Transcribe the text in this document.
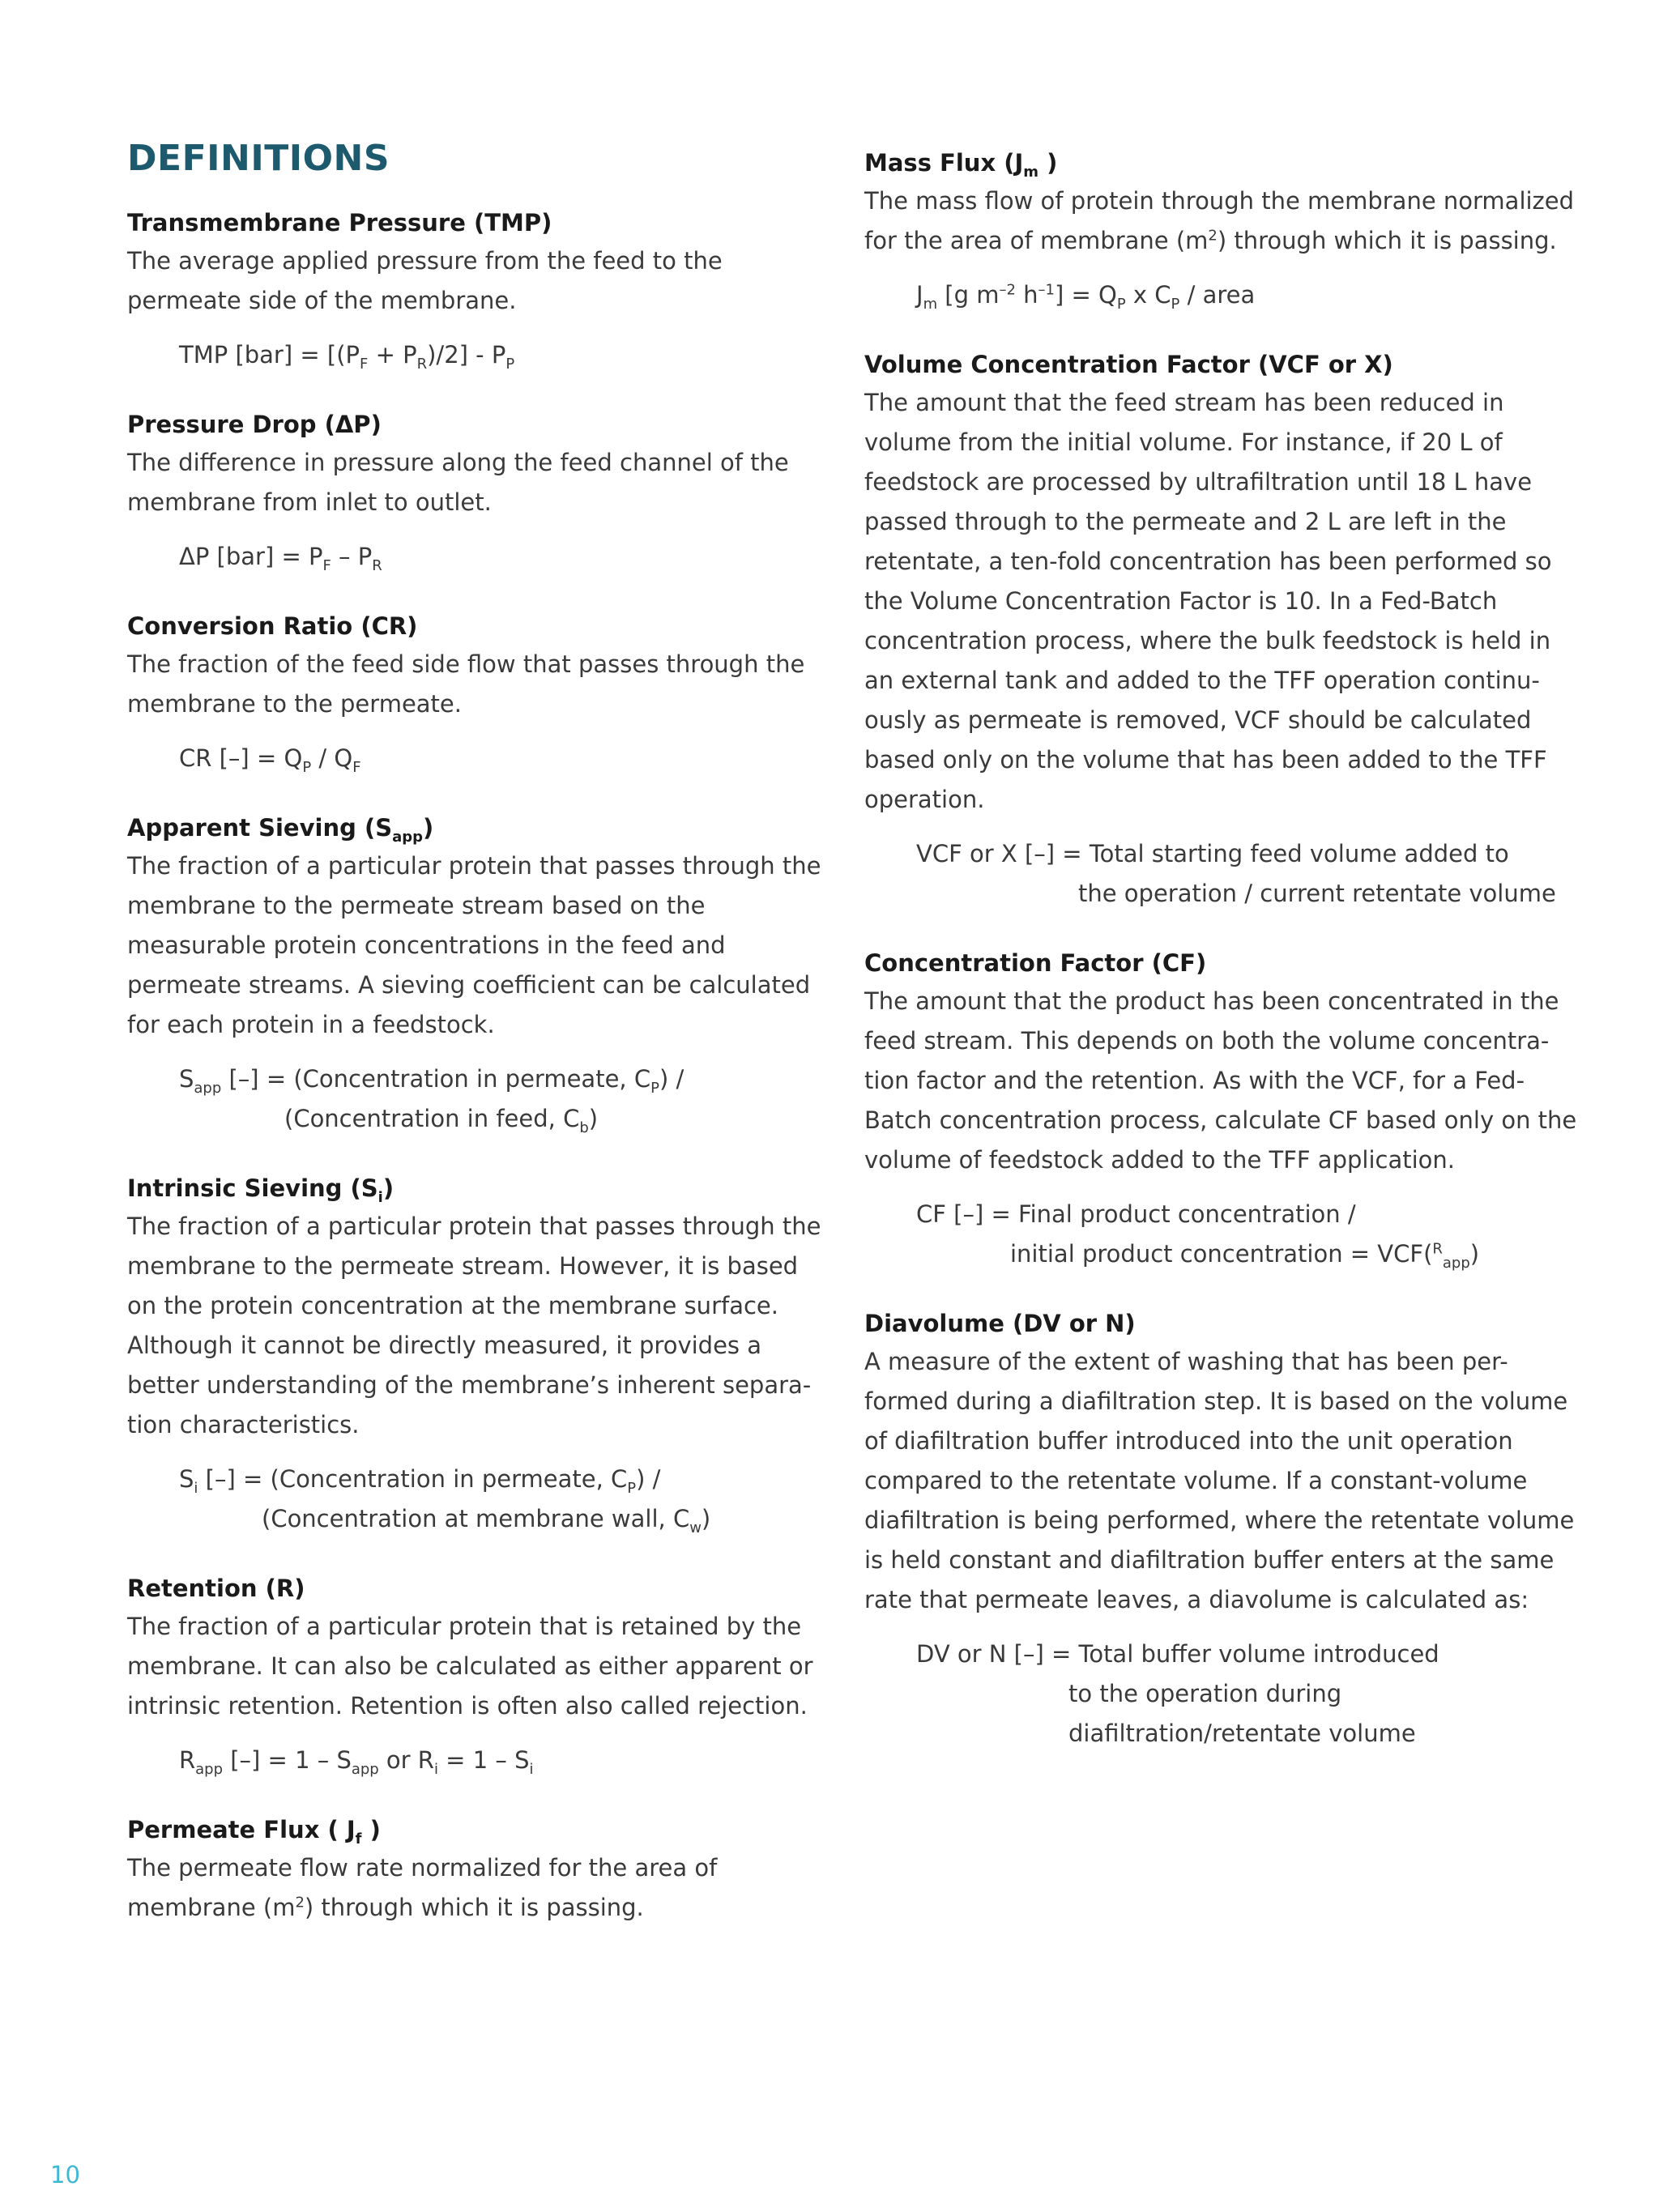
DEFINITIONS
Transmembrane Pressure (TMP)

The average applied pressure from the feed to the permeate side of the membrane.

TMP $[bar] = [(P_F + P_R)/2] - P_P$
Pressure Drop (ΔP)

The difference in pressure along the feed channel of the membrane from inlet to outlet.

ΔP $[bar] = P_F - P_R$
Conversion Ratio (CR)

The fraction of the feed side flow that passes through the membrane to the permeate.

CR [–] = $Q_P / Q_F$
Apparent Sieving $(S_{app})$

The fraction of a particular protein that passes through the membrane to the permeate stream based on the measurable protein concentrations in the feed and permeate streams. A sieving coefficient can be calculated for each protein in a feedstock.

$S_{app}$ [–] = (Concentration in permeate, $C_P$) /
(Concentration in feed, $C_b$)
Intrinsic Sieving $(S_i)$

The fraction of a particular protein that passes through the membrane to the permeate stream. However, it is based on the protein concentration at the membrane surface. Although it cannot be directly measured, it provides a better understanding of the membrane’s inherent separa-tion characteristics.

$S_i$ [–] = (Concentration in permeate, $C_P$) /
(Concentration at membrane wall, $C_w$)
Retention (R)

The fraction of a particular protein that is retained by the membrane. It can also be calculated as either apparent or intrinsic retention. Retention is often also called rejection.

$R_{app}$ [–] = $1 - S_{app}$ or $R_i = 1 - S_i$
Permeate Flux ( $J_f$ )

The permeate flow rate normalized for the area of membrane $(m^2)$ through which it is passing.

Mass Flux ($J_m$ )

The mass flow of protein through the membrane normalized for the area of membrane $(m^2)$ through which it is passing.

$J_m$ [g $m^{-2}$ $h^{-1}] = Q_P$ x $C_P$ / area
Volume Concentration Factor (VCF or X)

The amount that the feed stream has been reduced in volume from the initial volume. For instance, if 20 L of feedstock are processed by ultrafiltration until 18 L have passed through to the permeate and 2 L are left in the retentate, a ten-fold concentration has been performed so the Volume Concentration Factor is 10. In a Fed-Batch concentration process, where the bulk feedstock is held in an external tank and added to the TFF operation continu-ously as permeate is removed, VCF should be calculated based only on the volume that has been added to the TFF operation.

VCF or X [–] = Total starting feed volume added to
the operation / current retentate volume
Concentration Factor (CF)

The amount that the product has been concentrated in the feed stream. This depends on both the volume concentra-tion factor and the retention. As with the VCF, for a Fed-Batch concentration process, calculate CF based only on the volume of feedstock added to the TFF application.

CF [–] = Final product concentration /
initial product concentration = VCF($^R_{app}$)
Diavolume (DV or N)

A measure of the extent of washing that has been per-formed during a diafiltration step. It is based on the volume of diafiltration buffer introduced into the unit operation compared to the retentate volume. If a constant-volume diafiltration is being performed, where the retentate volume is held constant and diafiltration buffer enters at the same rate that permeate leaves, a diavolume is calculated as:

DV or N [–] = Total buffer volume introduced
to the operation during
diafiltration/retentate volume
10
